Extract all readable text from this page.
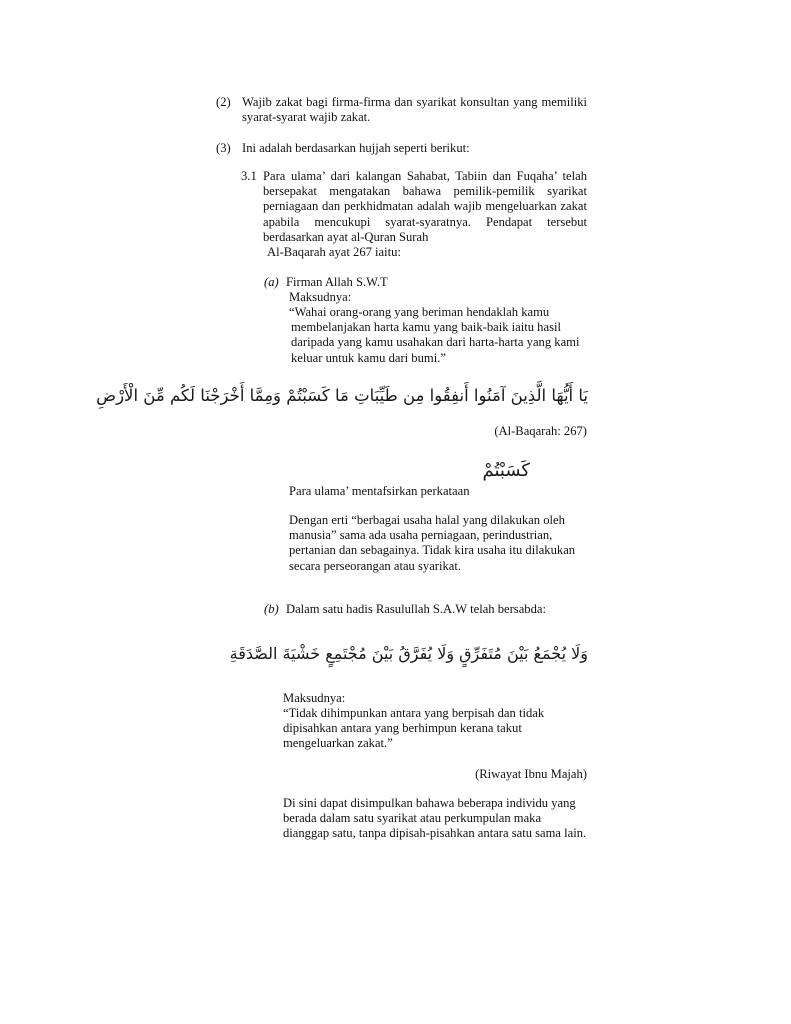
(2) Wajib zakat bagi firma-firma dan syarikat konsultan yang memiliki syarat-syarat wajib zakat.
(3) Ini adalah berdasarkan hujjah seperti berikut:
3.1 Para ulama’ dari kalangan Sahabat, Tabiin dan Fuqaha’ telah bersepakat mengatakan bahawa pemilik-pemilik syarikat perniagaan dan perkhidmatan adalah wajib mengeluarkan zakat apabila mencukupi syarat-syaratnya. Pendapat tersebut berdasarkan ayat al-Quran Surah
Al-Baqarah ayat 267 iaitu:
(a) Firman Allah S.W.T
Maksudnya:
“Wahai orang-orang yang beriman hendaklah kamu membelanjakan harta kamu yang baik-baik iaitu hasil daripada yang kamu usahakan dari harta-harta yang kami keluar untuk kamu dari bumi.”
يَا أَيُّهَا الَّذِينَ آمَنُوا أَنفِقُوا مِن طَيِّبَاتِ مَا كَسَبْتُمْ وَمِمَّا أَخْرَجْنَا لَكُم مِّنَ الْأَرْضِ
(Al-Baqarah: 267)
كَسَبْتُمْ
Para ulama’ mentafsirkan perkataan
Dengan erti “berbagai usaha halal yang dilakukan oleh manusia” sama ada usaha perniagaan, perindustrian, pertanian dan sebagainya. Tidak kira usaha itu dilakukan secara perseorangan atau syarikat.
(b) Dalam satu hadis Rasulullah S.A.W telah bersabda:
وَلَا يُجْمَعُ بَيْنَ مُتَفَرِّقٍ وَلَا يُفَرَّقُ بَيْنَ مُجْتَمِعٍ خَشْيَةَ الصَّدَقَةِ
Maksudnya:
“Tidak dihimpunkan antara yang berpisah dan tidak dipisahkan antara yang berhimpun kerana takut mengeluarkan zakat.”
(Riwayat Ibnu Majah)
Di sini dapat disimpulkan bahawa beberapa individu yang berada dalam satu syarikat atau perkumpulan maka dianggap satu, tanpa dipisah-pisahkan antara satu sama lain.
